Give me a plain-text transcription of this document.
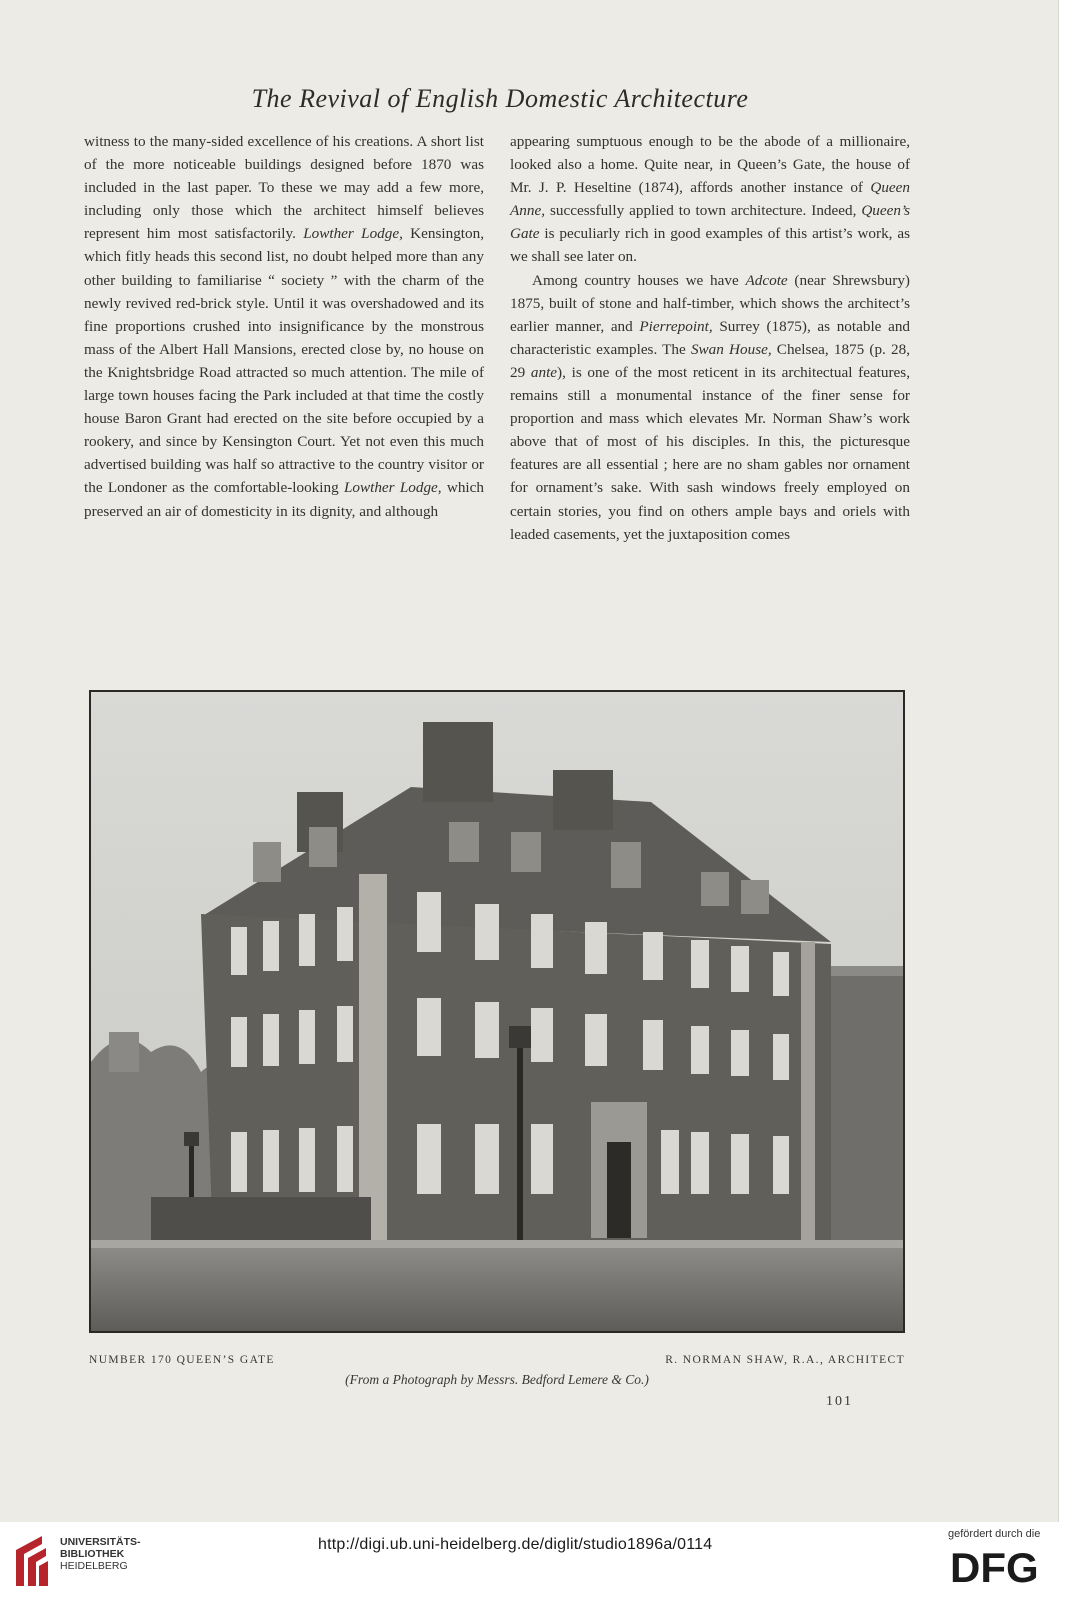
The Revival of English Domestic Architecture

witness to the many-sided excellence of his creations. A short list of the more noticeable buildings designed before 1870 was included in the last paper. To these we may add a few more, including only those which the architect himself believes represent him most satisfactorily. Lowther Lodge, Kensington, which fitly heads this second list, no doubt helped more than any other building to familiarise “ society ” with the charm of the newly revived red-brick style. Until it was overshadowed and its fine proportions crushed into insignificance by the monstrous mass of the Albert Hall Mansions, erected close by, no house on the Knightsbridge Road attracted so much attention. The mile of large town houses facing the Park included at that time the costly house Baron Grant had erected on the site before occupied by a rookery, and since by Kensington Court. Yet not even this much advertised building was half so attractive to the country visitor or the Londoner as the comfortable-looking Lowther Lodge, which preserved an air of domesticity in its dignity, and although

appearing sumptuous enough to be the abode of a millionaire, looked also a home. Quite near, in Queen’s Gate, the house of Mr. J. P. Heseltine (1874), affords another instance of Queen Anne, successfully applied to town architecture. Indeed, Queen’s Gate is peculiarly rich in good examples of this artist’s work, as we shall see later on.

Among country houses we have Adcote (near Shrewsbury) 1875, built of stone and half-timber, which shows the architect’s earlier manner, and Pierrepoint, Surrey (1875), as notable and characteristic examples. The Swan House, Chelsea, 1875 (p. 28, 29 ante), is one of the most reticent in its architectual features, remains still a monumental instance of the finer sense for proportion and mass which elevates Mr. Norman Shaw’s work above that of most of his disciples. In this, the picturesque features are all essential ; here are no sham gables nor ornament for ornament’s sake. With sash windows freely employed on certain stories, you find on others ample bays and oriels with leaded casements, yet the juxtaposition comes

NUMBER 170 QUEEN’S GATE	R. NORMAN SHAW, R.A., ARCHITECT
(From a Photograph by Messrs. Bedford Lemere & Co.)
101
UNIVERSITÄTS-
BIBLIOTHEK
HEIDELBERG
http://digi.ub.uni-heidelberg.de/diglit/studio1896a/0114
gefördert durch die
DFG
